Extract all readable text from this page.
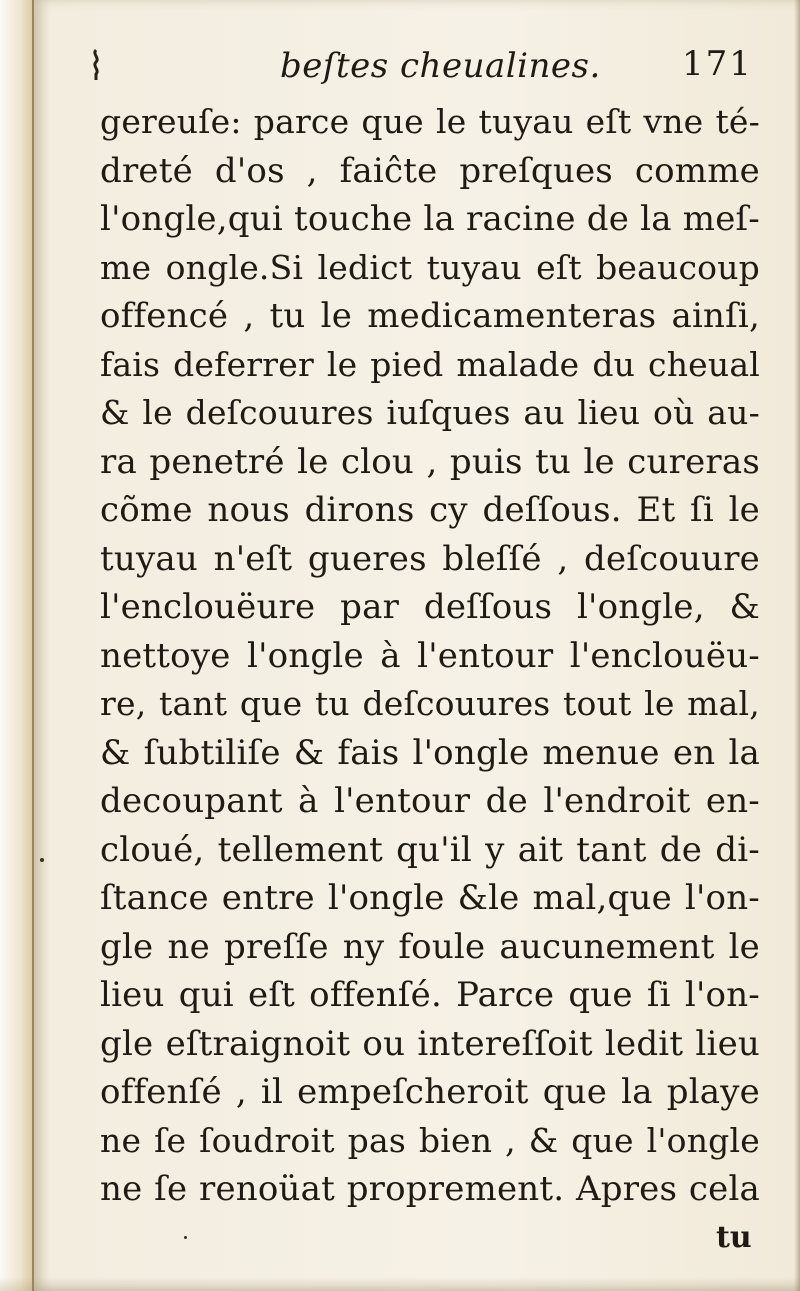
beſtes cheualines. 171
gereuſe: parce que le tuyau eſt vne té-
dreté d'os , faiĉte preſques comme
l'ongle,qui touche la racine de la meſ-
me ongle.Si ledict tuyau eſt beaucoup
offencé , tu le medicamenteras ainſi,
fais deferrer le pied malade du cheual
& le deſcouures iuſques au lieu où au-
ra penetré le clou , puis tu le cureras
cõme nous dirons cy deſſous. Et ſi le
tuyau n'eſt gueres bleſſé , deſcouure
l'enclouëure par deſſous l'ongle, &
nettoye l'ongle à l'entour l'enclouëu-
re, tant que tu deſcouures tout le mal,
& ſubtiliſe & fais l'ongle menue en la
decoupant à l'entour de l'endroit en-
cloué, tellement qu'il y ait tant de di-
ſtance entre l'ongle &le mal,que l'on-
gle ne preſſe ny foule aucunement le
lieu qui eſt offenſé. Parce que ſi l'on-
gle eſtraignoit ou intereſſoit ledit lieu
offenſé , il empeſcheroit que la playe
ne ſe ſoudroit pas bien , & que l'ongle
ne ſe renoüat proprement. Apres cela
tu
